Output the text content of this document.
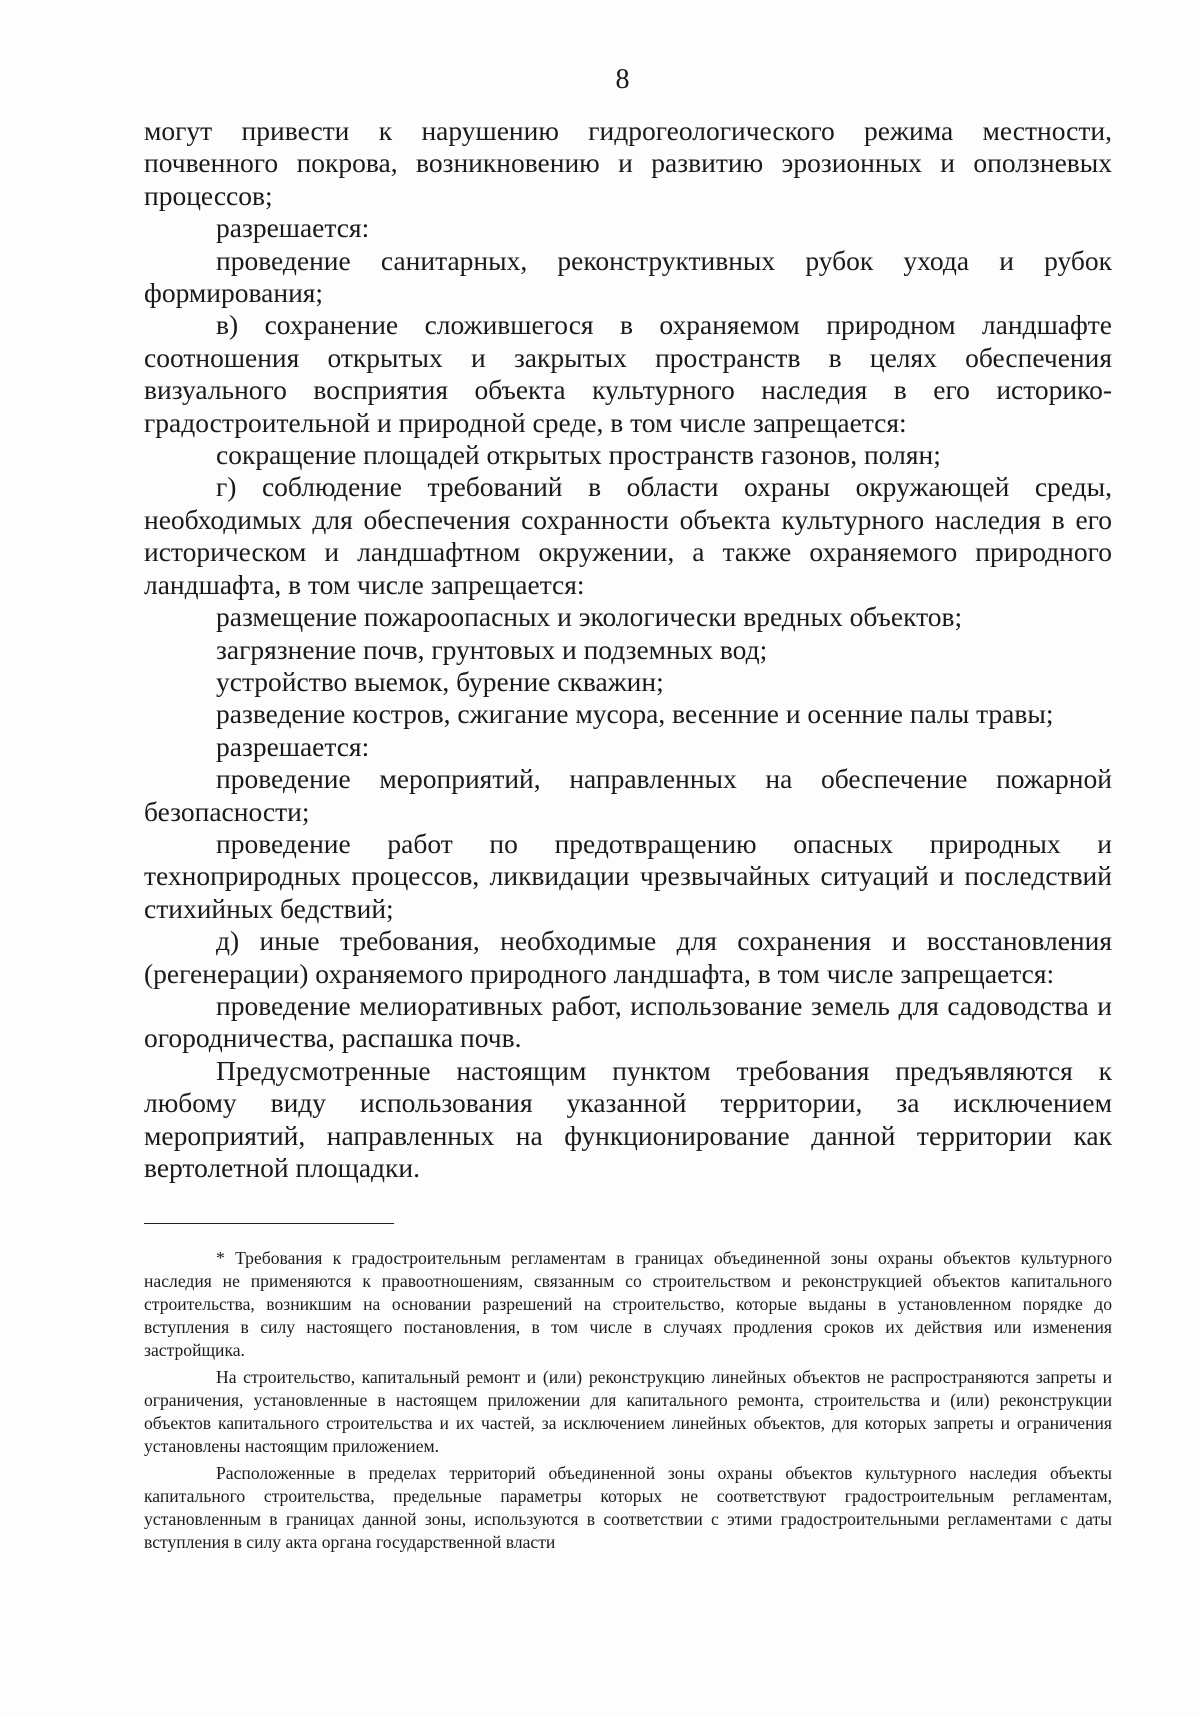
8

могут привести к нарушению гидрогеологического режима местности, почвенного покрова, возникновению и развитию эрозионных и оползневых процессов;

разрешается:

проведение санитарных, реконструктивных рубок ухода и рубок формирования;

в) сохранение сложившегося в охраняемом природном ландшафте соотношения открытых и закрытых пространств в целях обеспечения визуального восприятия объекта культурного наследия в его историко-градостроительной и природной среде, в том числе запрещается:

сокращение площадей открытых пространств газонов, полян;

г) соблюдение требований в области охраны окружающей среды, необходимых для обеспечения сохранности объекта культурного наследия в его историческом и ландшафтном окружении, а также охраняемого природного ландшафта, в том числе запрещается:

размещение пожароопасных и экологически вредных объектов;

загрязнение почв, грунтовых и подземных вод;

устройство выемок, бурение скважин;

разведение костров, сжигание мусора, весенние и осенние палы травы;

разрешается:

проведение мероприятий, направленных на обеспечение пожарной безопасности;

проведение работ по предотвращению опасных природных и техноприродных процессов, ликвидации чрезвычайных ситуаций и последствий стихийных бедствий;

д) иные требования, необходимые для сохранения и восстановления (регенерации) охраняемого природного ландшафта, в том числе запрещается:

проведение мелиоративных работ, использование земель для садоводства и огородничества, распашка почв.

Предусмотренные настоящим пунктом требования предъявляются к любому виду использования указанной территории, за исключением мероприятий, направленных на функционирование данной территории как вертолетной площадки.

* Требования к градостроительным регламентам в границах объединенной зоны охраны объектов культурного наследия не применяются к правоотношениям, связанным со строительством и реконструкцией объектов капитального строительства, возникшим на основании разрешений на строительство, которые выданы в установленном порядке до вступления в силу настоящего постановления, в том числе в случаях продления сроков их действия или изменения застройщика.

На строительство, капитальный ремонт и (или) реконструкцию линейных объектов не распространяются запреты и ограничения, установленные в настоящем приложении для капитального ремонта, строительства и (или) реконструкции объектов капитального строительства и их частей, за исключением линейных объектов, для которых запреты и ограничения установлены настоящим приложением.

Расположенные в пределах территорий объединенной зоны охраны объектов культурного наследия объекты капитального строительства, предельные параметры которых не соответствуют градостроительным регламентам, установленным в границах данной зоны, используются в соответствии с этими градостроительными регламентами с даты вступления в силу акта органа государственной власти
